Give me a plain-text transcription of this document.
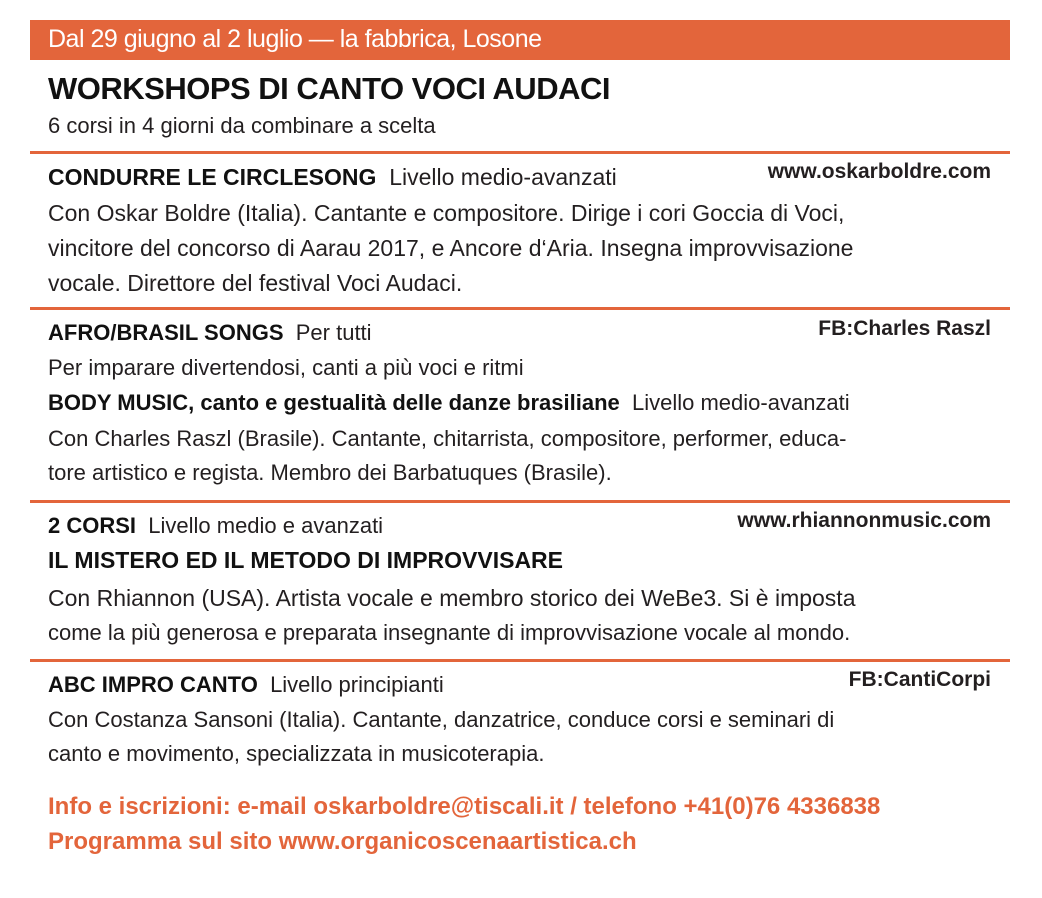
Dal 29 giugno al 2 luglio — la fabbrica, Losone
WORKSHOPS DI CANTO VOCI AUDACI
6 corsi in 4 giorni da combinare a scelta
www.oskarboldre.com
CONDURRE LE CIRCLESONG Livello medio-avanzati
Con Oskar Boldre (Italia). Cantante e compositore. Dirige i cori Goccia di Voci,
vincitore del concorso di Aarau 2017, e Ancore d‘Aria. Insegna improvvisazione
vocale. Direttore del festival Voci Audaci.
FB:Charles Raszl
AFRO/BRASIL SONGS Per tutti
Per imparare divertendosi, canti a più voci e ritmi
BODY MUSIC, canto e gestualità delle danze brasiliane Livello medio-avanzati
Con Charles Raszl (Brasile). Cantante, chitarrista, compositore, performer, educa-
tore artistico e regista. Membro dei Barbatuques (Brasile).
www.rhiannonmusic.com
2 CORSI Livello medio e avanzati
IL MISTERO ED IL METODO DI IMPROVVISARE
Con Rhiannon (USA). Artista vocale e membro storico dei WeBe3. Si è imposta
come la più generosa e preparata insegnante di improvvisazione vocale al mondo.
FB:CantiCorpi
ABC IMPRO CANTO Livello principianti
Con Costanza Sansoni (Italia). Cantante, danzatrice, conduce corsi e seminari di
canto e movimento, specializzata in musicoterapia.
Info e iscrizioni: e-mail oskarboldre@tiscali.it / telefono +41(0)76 4336838
Programma sul sito www.organicoscenaartistica.ch
